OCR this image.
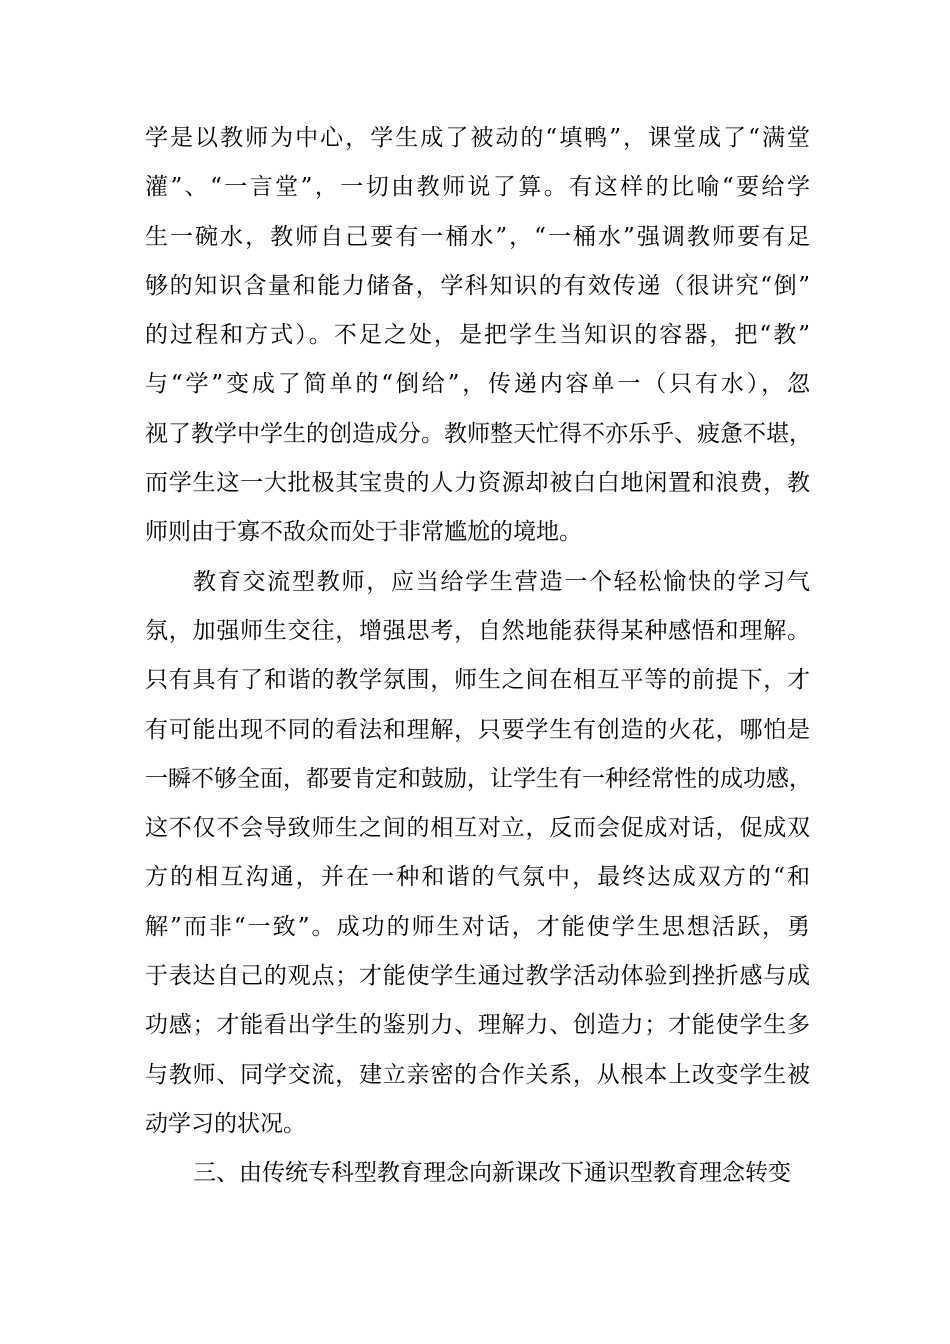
学是以教师为中心，学生成了被动的“填鸭”，课堂成了“满堂
灌”、“一言堂”，一切由教师说了算。有这样的比喻“要给学
生一碗水，教师自己要有一桶水”，“一桶水”强调教师要有足
够的知识含量和能力储备，学科知识的有效传递（很讲究“倒”
的过程和方式）。不足之处，是把学生当知识的容器，把“教”
与“学”变成了简单的“倒给”，传递内容单一（只有水），忽
视了教学中学生的创造成分。教师整天忙得不亦乐乎、疲惫不堪，
而学生这一大批极其宝贵的人力资源却被白白地闲置和浪费，教
师则由于寡不敌众而处于非常尴尬的境地。
教育交流型教师，应当给学生营造一个轻松愉快的学习气
氛，加强师生交往，增强思考，自然地能获得某种感悟和理解。
只有具有了和谐的教学氛围，师生之间在相互平等的前提下，才
有可能出现不同的看法和理解，只要学生有创造的火花，哪怕是
一瞬不够全面，都要肯定和鼓励，让学生有一种经常性的成功感，
这不仅不会导致师生之间的相互对立，反而会促成对话，促成双
方的相互沟通，并在一种和谐的气氛中，最终达成双方的“和
解”而非“一致”。成功的师生对话，才能使学生思想活跃，勇
于表达自己的观点；才能使学生通过教学活动体验到挫折感与成
功感；才能看出学生的鉴别力、理解力、创造力；才能使学生多
与教师、同学交流，建立亲密的合作关系，从根本上改变学生被
动学习的状况。
三、由传统专科型教育理念向新课改下通识型教育理念转变
